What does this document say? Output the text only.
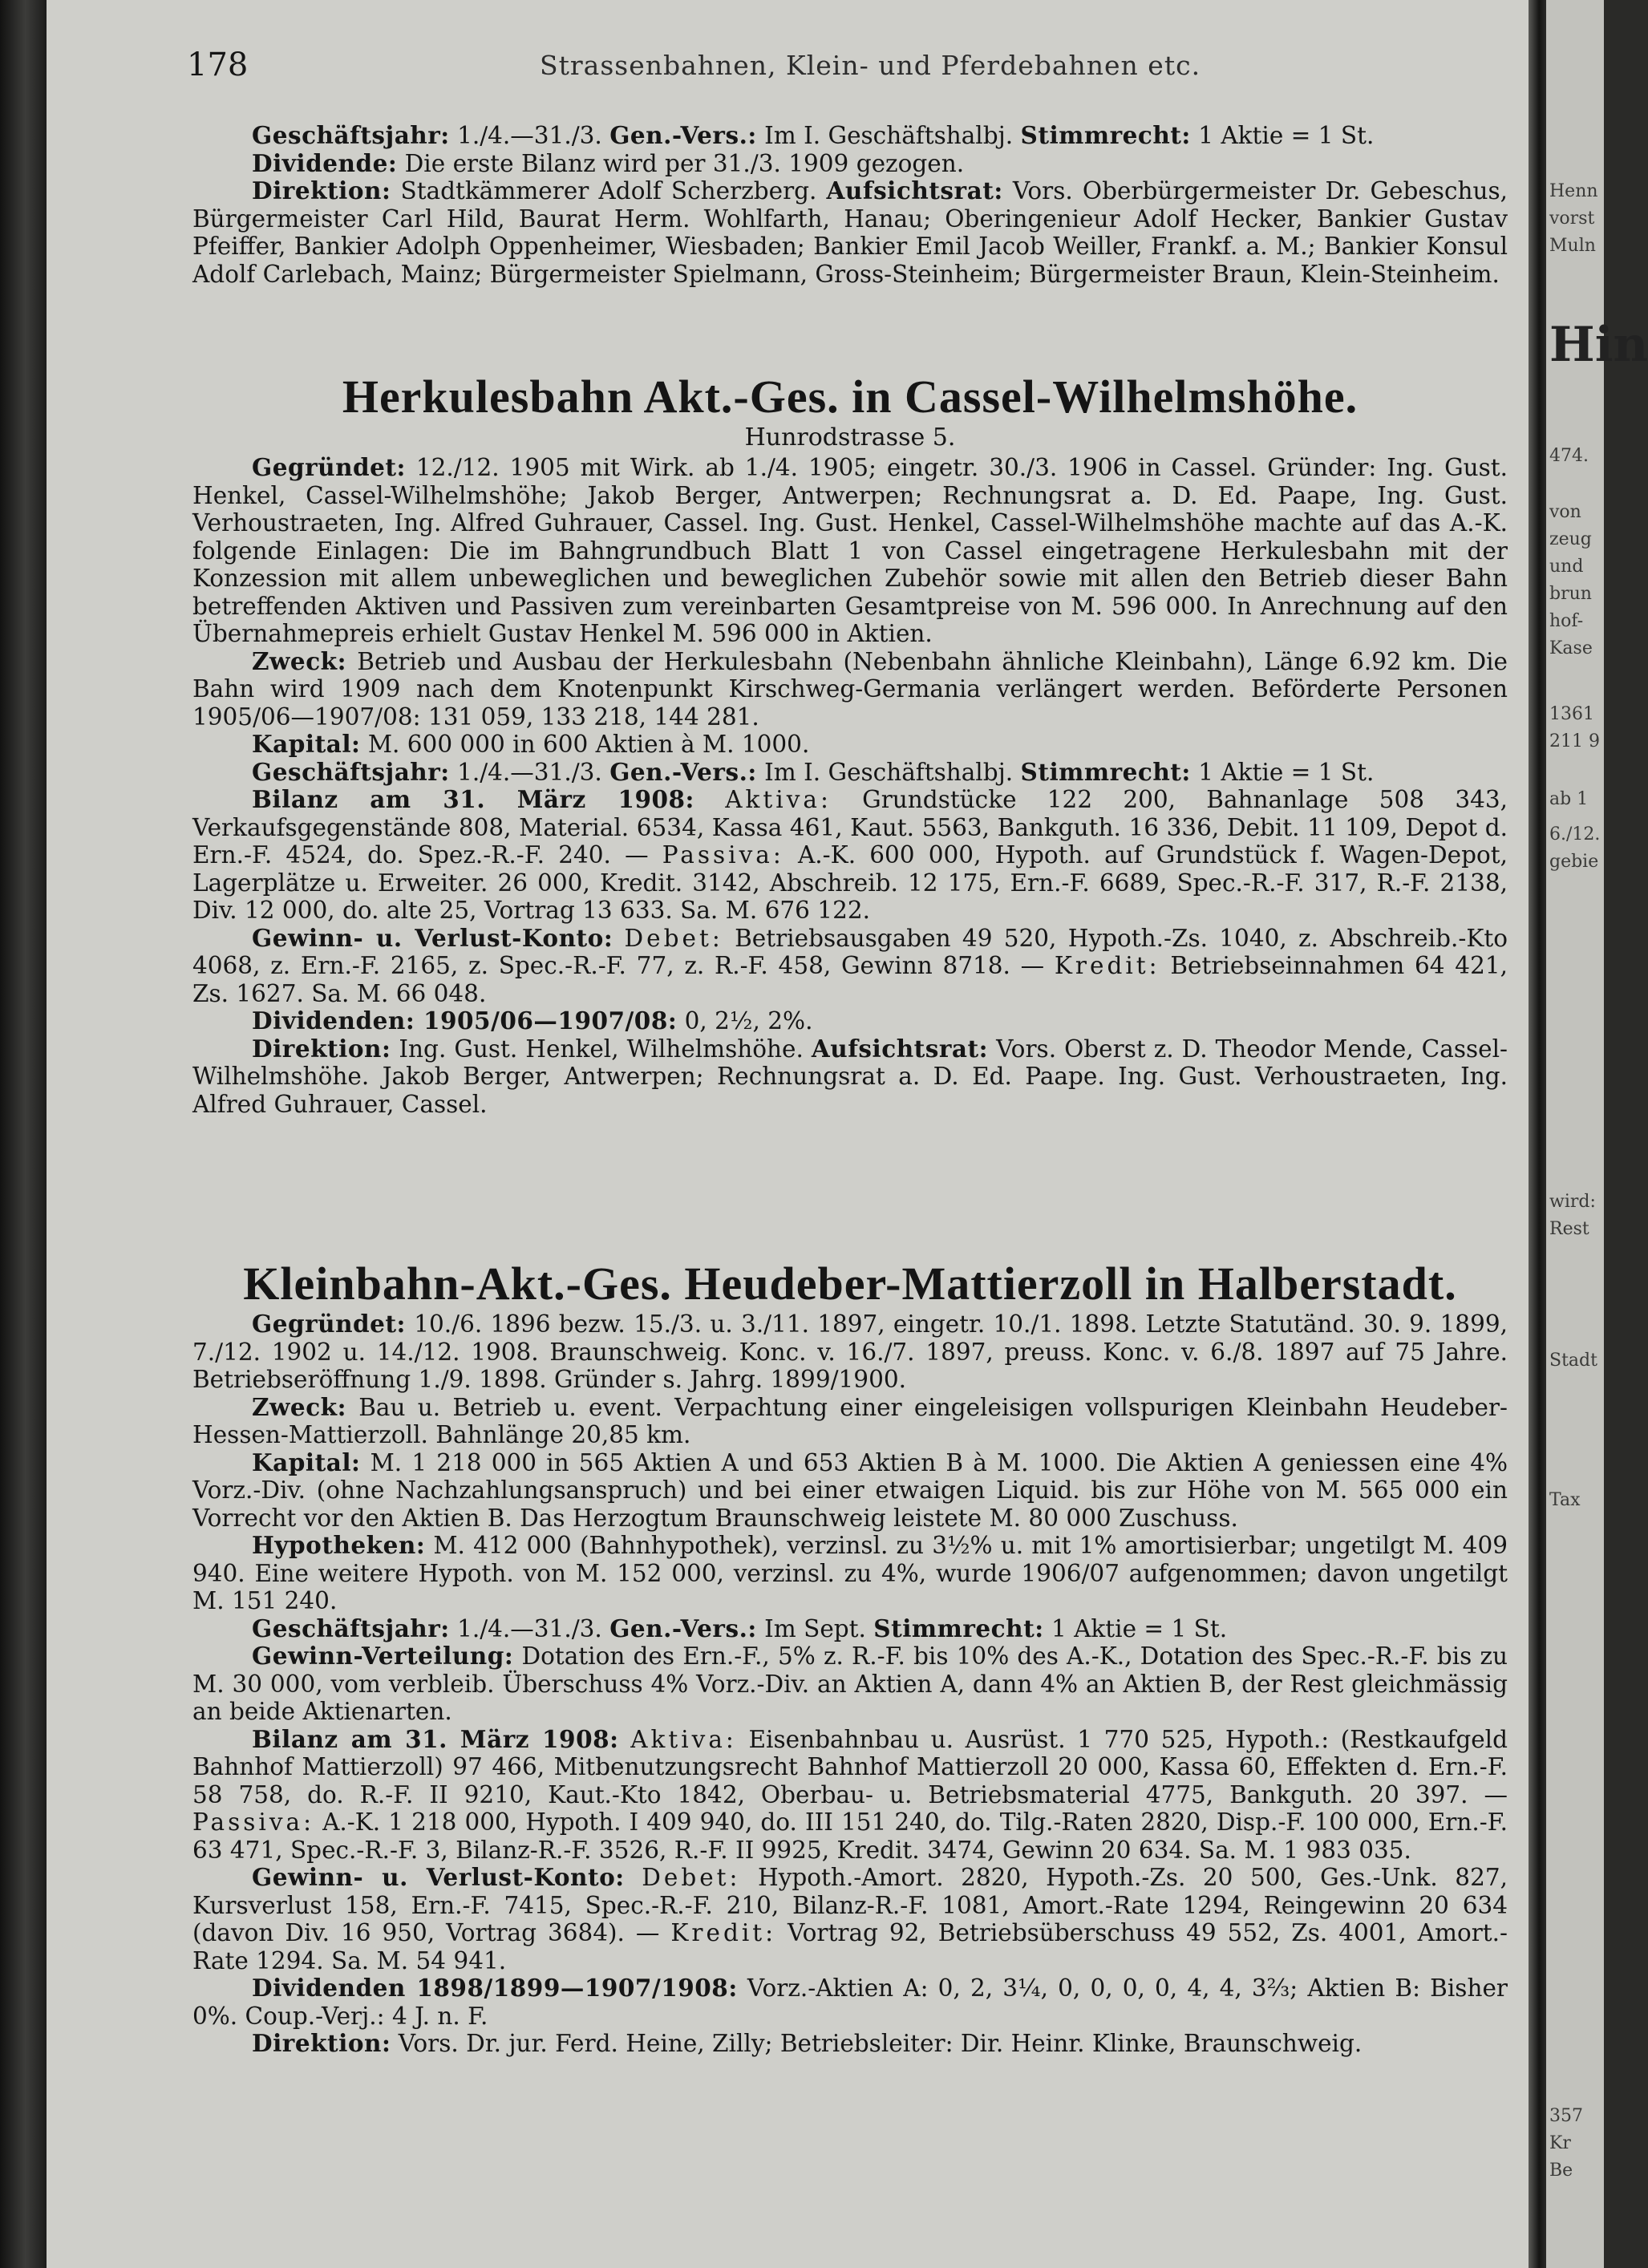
178	Strassenbahnen, Klein- und Pferdebahnen etc.

Geschäftsjahr: 1./4.—31./3. Gen.-Vers.: Im I. Geschäftshalbj. Stimmrecht: 1 Aktie = 1 St.

Dividende: Die erste Bilanz wird per 31./3. 1909 gezogen.

Direktion: Stadtkämmerer Adolf Scherzberg. Aufsichtsrat: Vors. Oberbürgermeister Dr. Gebeschus, Bürgermeister Carl Hild, Baurat Herm. Wohlfarth, Hanau; Oberingenieur Adolf Hecker, Bankier Gustav Pfeiffer, Bankier Adolph Oppenheimer, Wiesbaden; Bankier Emil Jacob Weiller, Frankf. a. M.; Bankier Konsul Adolf Carlebach, Mainz; Bürgermeister Spielmann, Gross-Steinheim; Bürgermeister Braun, Klein-Steinheim.

Herkulesbahn Akt.-Ges. in Cassel-Wilhelmshöhe.

Hunrodstrasse 5.

Gegründet: 12./12. 1905 mit Wirk. ab 1./4. 1905; eingetr. 30./3. 1906 in Cassel. Gründer: Ing. Gust. Henkel, Cassel-Wilhelmshöhe; Jakob Berger, Antwerpen; Rechnungsrat a. D. Ed. Paape, Ing. Gust. Verhoustraeten, Ing. Alfred Guhrauer, Cassel. Ing. Gust. Henkel, Cassel-Wilhelmshöhe machte auf das A.-K. folgende Einlagen: Die im Bahngrundbuch Blatt 1 von Cassel eingetragene Herkulesbahn mit der Konzession mit allem unbeweglichen und beweglichen Zubehör sowie mit allen den Betrieb dieser Bahn betreffenden Aktiven und Passiven zum vereinbarten Gesamtpreise von M. 596 000. In Anrechnung auf den Übernahmepreis erhielt Gustav Henkel M. 596 000 in Aktien.

Zweck: Betrieb und Ausbau der Herkulesbahn (Nebenbahn ähnliche Kleinbahn), Länge 6.92 km. Die Bahn wird 1909 nach dem Knotenpunkt Kirschweg-Germania verlängert werden. Beförderte Personen 1905/06—1907/08: 131 059, 133 218, 144 281.

Kapital: M. 600 000 in 600 Aktien à M. 1000.

Geschäftsjahr: 1./4.—31./3. Gen.-Vers.: Im I. Geschäftshalbj. Stimmrecht: 1 Aktie = 1 St.

Bilanz am 31. März 1908: Aktiva: Grundstücke 122 200, Bahnanlage 508 343, Verkaufsgegenstände 808, Material. 6534, Kassa 461, Kaut. 5563, Bankguth. 16 336, Debit. 11 109, Depot d. Ern.-F. 4524, do. Spez.-R.-F. 240. — Passiva: A.-K. 600 000, Hypoth. auf Grundstück f. Wagen-Depot, Lagerplätze u. Erweiter. 26 000, Kredit. 3142, Abschreib. 12 175, Ern.-F. 6689, Spec.-R.-F. 317, R.-F. 2138, Div. 12 000, do. alte 25, Vortrag 13 633. Sa. M. 676 122.

Gewinn- u. Verlust-Konto: Debet: Betriebsausgaben 49 520, Hypoth.-Zs. 1040, z. Abschreib.-Kto 4068, z. Ern.-F. 2165, z. Spec.-R.-F. 77, z. R.-F. 458, Gewinn 8718. — Kredit: Betriebseinnahmen 64 421, Zs. 1627. Sa. M. 66 048.

Dividenden: 1905/06—1907/08: 0, 2½, 2%.

Direktion: Ing. Gust. Henkel, Wilhelmshöhe. Aufsichtsrat: Vors. Oberst z. D. Theodor Mende, Cassel-Wilhelmshöhe. Jakob Berger, Antwerpen; Rechnungsrat a. D. Ed. Paape. Ing. Gust. Verhoustraeten, Ing. Alfred Guhrauer, Cassel.

Kleinbahn-Akt.-Ges. Heudeber-Mattierzoll in Halberstadt.

Gegründet: 10./6. 1896 bezw. 15./3. u. 3./11. 1897, eingetr. 10./1. 1898. Letzte Statutänd. 30. 9. 1899, 7./12. 1902 u. 14./12. 1908. Braunschweig. Konc. v. 16./7. 1897, preuss. Konc. v. 6./8. 1897 auf 75 Jahre. Betriebseröffnung 1./9. 1898. Gründer s. Jahrg. 1899/1900.

Zweck: Bau u. Betrieb u. event. Verpachtung einer eingeleisigen vollspurigen Kleinbahn Heudeber-Hessen-Mattierzoll. Bahnlänge 20,85 km.

Kapital: M. 1 218 000 in 565 Aktien A und 653 Aktien B à M. 1000. Die Aktien A geniessen eine 4% Vorz.-Div. (ohne Nachzahlungsanspruch) und bei einer etwaigen Liquid. bis zur Höhe von M. 565 000 ein Vorrecht vor den Aktien B. Das Herzogtum Braunschweig leistete M. 80 000 Zuschuss.

Hypotheken: M. 412 000 (Bahnhypothek), verzinsl. zu 3½% u. mit 1% amortisierbar; ungetilgt M. 409 940. Eine weitere Hypoth. von M. 152 000, verzinsl. zu 4%, wurde 1906/07 aufgenommen; davon ungetilgt M. 151 240.

Geschäftsjahr: 1./4.—31./3. Gen.-Vers.: Im Sept. Stimmrecht: 1 Aktie = 1 St.

Gewinn-Verteilung: Dotation des Ern.-F., 5% z. R.-F. bis 10% des A.-K., Dotation des Spec.-R.-F. bis zu M. 30 000, vom verbleib. Überschuss 4% Vorz.-Div. an Aktien A, dann 4% an Aktien B, der Rest gleichmässig an beide Aktienarten.

Bilanz am 31. März 1908: Aktiva: Eisenbahnbau u. Ausrüst. 1 770 525, Hypoth.: (Restkaufgeld Bahnhof Mattierzoll) 97 466, Mitbenutzungsrecht Bahnhof Mattierzoll 20 000, Kassa 60, Effekten d. Ern.-F. 58 758, do. R.-F. II 9210, Kaut.-Kto 1842, Oberbau- u. Betriebsmaterial 4775, Bankguth. 20 397. — Passiva: A.-K. 1 218 000, Hypoth. I 409 940, do. III 151 240, do. Tilg.-Raten 2820, Disp.-F. 100 000, Ern.-F. 63 471, Spec.-R.-F. 3, Bilanz-R.-F. 3526, R.-F. II 9925, Kredit. 3474, Gewinn 20 634. Sa. M. 1 983 035.

Gewinn- u. Verlust-Konto: Debet: Hypoth.-Amort. 2820, Hypoth.-Zs. 20 500, Ges.-Unk. 827, Kursverlust 158, Ern.-F. 7415, Spec.-R.-F. 210, Bilanz-R.-F. 1081, Amort.-Rate 1294, Reingewinn 20 634 (davon Div. 16 950, Vortrag 3684). — Kredit: Vortrag 92, Betriebsüberschuss 49 552, Zs. 4001, Amort.-Rate 1294. Sa. M. 54 941.

Dividenden 1898/1899—1907/1908: Vorz.-Aktien A: 0, 2, 3¼, 0, 0, 0, 0, 4, 4, 3⅔; Aktien B: Bisher 0%. Coup.-Verj.: 4 J. n. F.

Direktion: Vors. Dr. jur. Ferd. Heine, Zilly; Betriebsleiter: Dir. Heinr. Klinke, Braunschweig.

Henn
vorst
Muln
Hin
474.
von
zeug
und
brun
hof-
Kase
1361
211 9
ab 1
6./12.
gebie
wird:
Rest
Stadt
Tax
357
Kr
Be
